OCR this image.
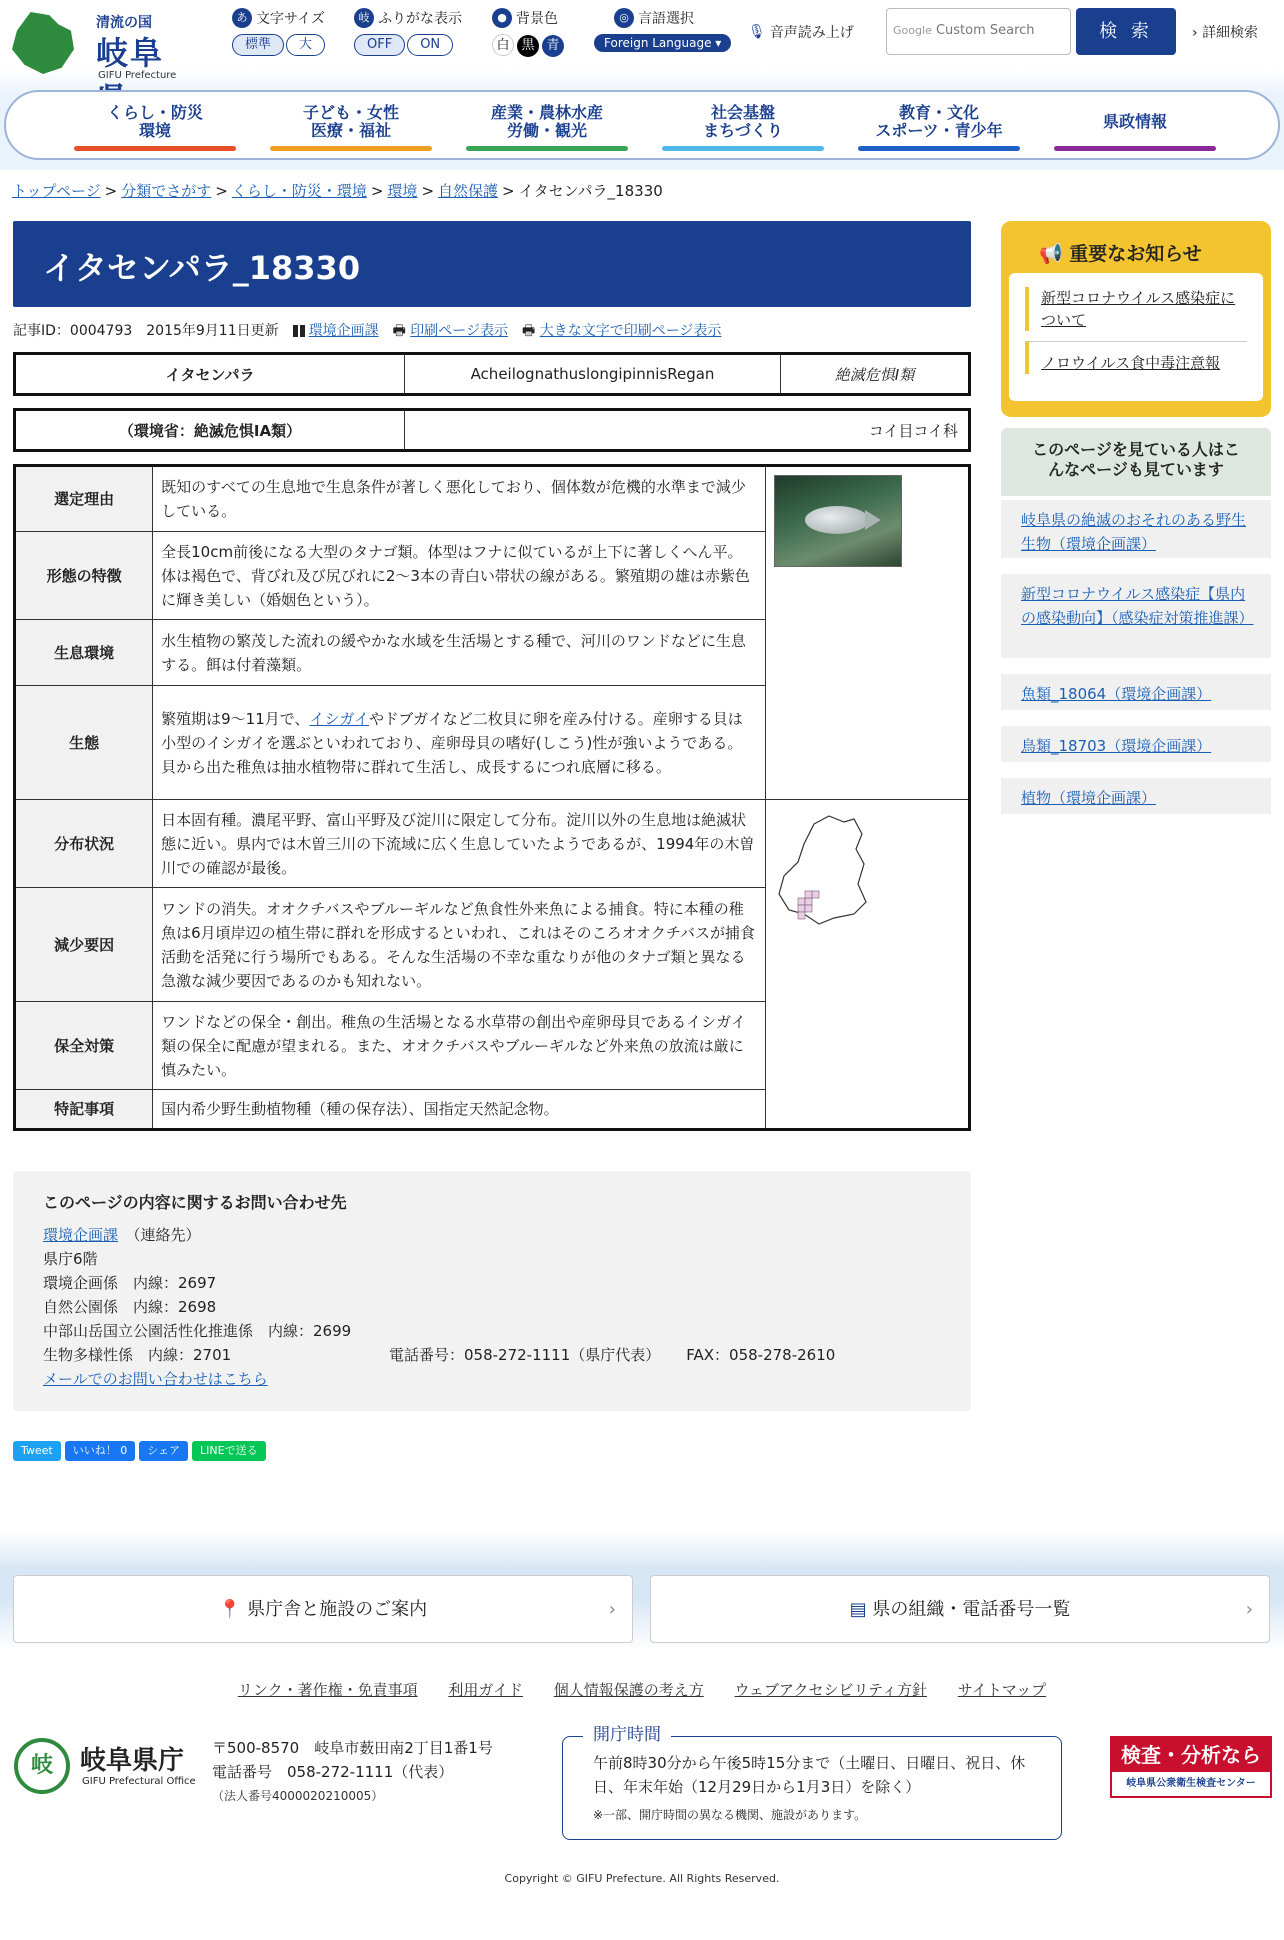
清流の国
岐阜
GIFU Prefecture
あ 文字サイズ
標準	大
岐 ふりがな表示
OFF	ON
● 背景色
白 黒 青
◎ 言語選択
Foreign Language ▾
🎙 音声読み上げ	Google Custom Search	検 索	› 詳細検索
くらし・防災
環境
子ども・女性
医療・福祉
産業・農林水産
労働・観光
社会基盤
まちづくり
教育・文化
スポーツ・青少年	県政情報
トップページ > 分類でさがす > くらし・防災・環境 > 環境 > 自然保護 > イタセンパラ_18330
イタセンパラ_18330
記事ID：0004793 2015年9月11日更新	環境企画課 🖶 印刷ページ表示 🖶 大きな文字で印刷ページ表示
イタセンパラ	AcheilognathuslongipinnisRegan	絶滅危惧Ⅰ類
（環境省：絶滅危惧IA類）	コイ目コイ科
選定理由	既知のすべての生息地で生息条件が著しく悪化しており、個体数が危機的水準まで減少している。	

形態の特徴	全長10cm前後になる大型のタナゴ類。体型はフナに似ているが上下に著しくへん平。体は褐色で、背びれ及び尻びれに2〜3本の青白い帯状の線がある。繁殖期の雄は赤紫色に輝き美しい（婚姻色という）。	
生息環境	水生植物の繁茂した流れの緩やかな水域を生活場とする種で、河川のワンドなどに生息する。餌は付着藻類。	
生態	繁殖期は9〜11月で、イシガイやドブガイなど二枚貝に卵を産み付ける。産卵する貝は小型のイシガイを選ぶといわれており、産卵母貝の嗜好(しこう)性が強いようである。貝から出た稚魚は抽水植物帯に群れて生活し、成長するにつれ底層に移る。	
分布状況	日本固有種。濃尾平野、富山平野及び淀川に限定して分布。淀川以外の生息地は絶滅状態に近い。県内では木曽三川の下流域に広く生息していたようであるが、1994年の木曽川での確認が最後。	
減少要因	ワンドの消失。オオクチバスやブルーギルなど魚食性外来魚による捕食。特に本種の稚魚は6月頃岸辺の植生帯に群れを形成するといわれ、これはそのころオオクチバスが捕食活動を活発に行う場所でもある。そんな生活場の不幸な重なりが他のタナゴ類と異なる急激な減少要因であるのかも知れない。	
保全対策	ワンドなどの保全・創出。稚魚の生活場となる水草帯の創出や産卵母貝であるイシガイ類の保全に配慮が望まれる。また、オオクチバスやブルーギルなど外来魚の放流は厳に慎みたい。	
特記事項	国内希少野生動植物種（種の保存法）、国指定天然記念物。	
このページの内容に関するお問い合わせ先
環境企画課　 （連絡先）
県庁6階
環境企画係　内線：2697
自然公園係　内線：2698
中部山岳国立公園活性化推進係　内線：2699
生物多様性係　内線：2701	電話番号：058-272-1111（県庁代表） FAX：058-278-2610
メールでのお問い合わせはこちら
Tweet	いいね！ 0	シェア	LINEで送る
📢 重要なお知らせ
新型コロナウイルス感染症について
ノロウイルス食中毒注意報
このページを見ている人はこんなページも見ています
岐阜県の絶滅のおそれのある野生生物（環境企画課）
新型コロナウイルス感染症【県内の感染動向】（感染症対策推進課）
魚類_18064（環境企画課）
鳥類_18703（環境企画課）
植物（環境企画課）
📍 県庁舎と施設のご案内	›	▤ 県の組織・電話番号一覧	›
リンク・著作権・免責事項 利用ガイド 個人情報保護の考え方 ウェブアクセシビリティ方針 サイトマップ
岐	岐阜県庁
GIFU Prefectural Office
〒500-8570　岐阜市薮田南2丁目1番1号
電話番号　058-272-1111（代表）
（法人番号4000020210005）
開庁時間
午前8時30分から午後5時15分まで（土曜日、日曜日、祝日、休日、年末年始（12月29日から1月3日）を除く）
※一部、開庁時間の異なる機関、施設があります。
検査・分析なら
岐阜県公衆衛生検査センター
Copyright © GIFU Prefecture. All Rights Reserved.
